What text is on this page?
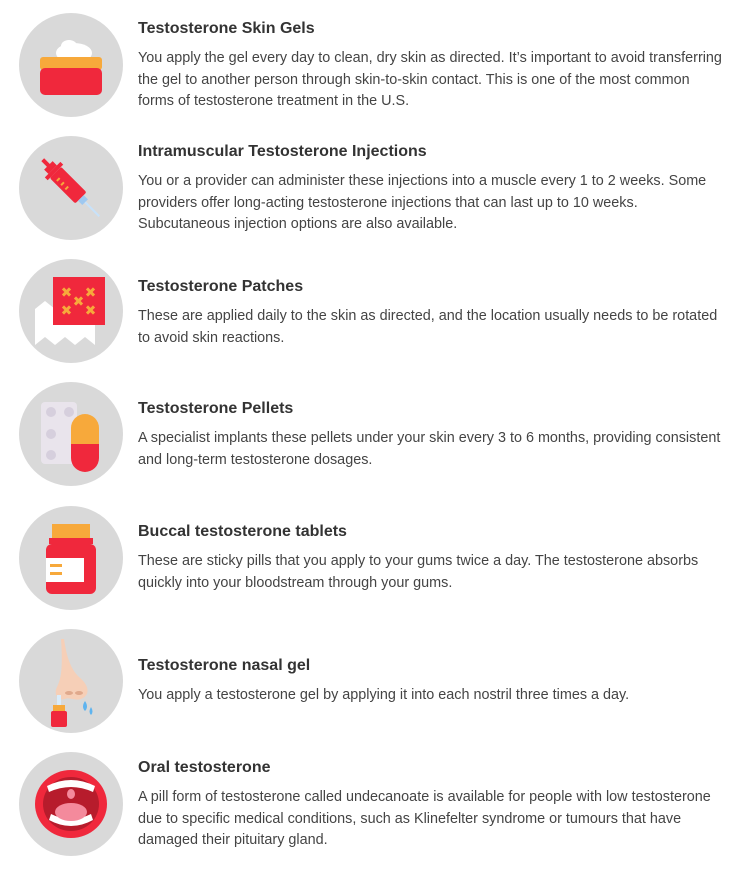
Testosterone Skin Gels
You apply the gel every day to clean, dry skin as directed. It’s important to avoid transferring the gel to another person through skin-to-skin contact. This is one of the most common forms of testosterone treatment in the U.S.
Intramuscular Testosterone Injections
You or a provider can administer these injections into a muscle every 1 to 2 weeks. Some providers offer long-acting testosterone injections that can last up to 10 weeks. Subcutaneous injection options are also available.
Testosterone Patches
These are applied daily to the skin as directed, and the location usually needs to be rotated to avoid skin reactions.
Testosterone Pellets
A specialist implants these pellets under your skin every 3 to 6 months, providing consistent and long-term testosterone dosages.
Buccal testosterone tablets
These are sticky pills that you apply to your gums twice a day. The testosterone absorbs quickly into your bloodstream through your gums.
Testosterone nasal gel
You apply a testosterone gel by applying it into each nostril three times a day.
Oral testosterone
A pill form of testosterone called undecanoate is available for people with low testosterone due to specific medical conditions, such as Klinefelter syndrome or tumours that have damaged their pituitary gland.
